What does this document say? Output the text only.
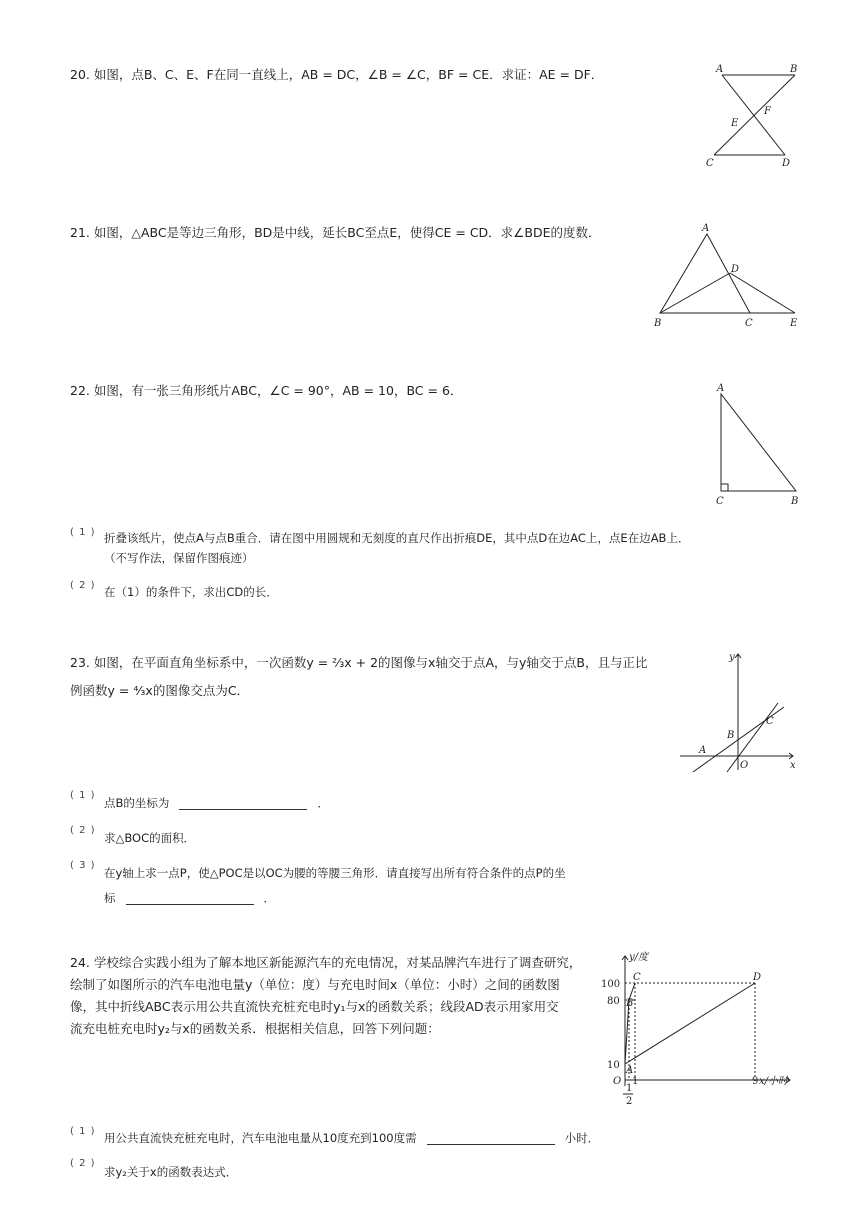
20. 如图，点B、C、E、F在同一直线上，AB = DC，∠B = ∠C，BF = CE．求证：AE = DF．	A	B
E
F
C	D
21. 如图，△ABC是等边三角形，BD是中线，延长BC至点E，使得CE = CD．求∠BDE的度数．	A
D
B	C	E
22. 如图，有一张三角形纸片ABC，∠C = 90°，AB = 10，BC = 6．	A
C	B
( 1 ) 折叠该纸片，使点A与点B重合．请在图中用圆规和无刻度的直尺作出折痕DE，其中点D在边AC上，点E在边AB上．
（不写作法，保留作图痕迹）
( 2 ) 在（1）的条件下，求出CD的长．
23. 如图，在平面直角坐标系中，一次函数y = ⅔x + 2的图像与x轴交于点A，与y轴交于点B，且与正比
例函数y = ⁴⁄₃x的图像交点为C．
y
C
B
A
O	x
( 1 )
点B的坐标为	．
( 2 )
求△BOC的面积．
( 3 )
在y轴上求一点P，使△POC是以OC为腰的等腰三角形．请直接写出所有符合条件的点P的坐
标	．
24. 学校综合实践小组为了解本地区新能源汽车的充电情况，对某品牌汽车进行了调查研究，
绘制了如图所示的汽车电池电量y（单位：度）与充电时间x（单位：小时）之间的函数图
像，其中折线ABC表示用公共直流快充桩充电时y₁与x的函数关系；线段AD表示用家用交
流充电桩充电时y₂与x的函数关系．根据相关信息，回答下列问题：
y/度
x/小时
C	D
B
A
O
100
80
10
1	9
1
2
( 1 ) 用公共直流快充桩充电时，汽车电池电量从10度充到100度需	小时．
( 2 )
求y₂关于x的函数表达式．
